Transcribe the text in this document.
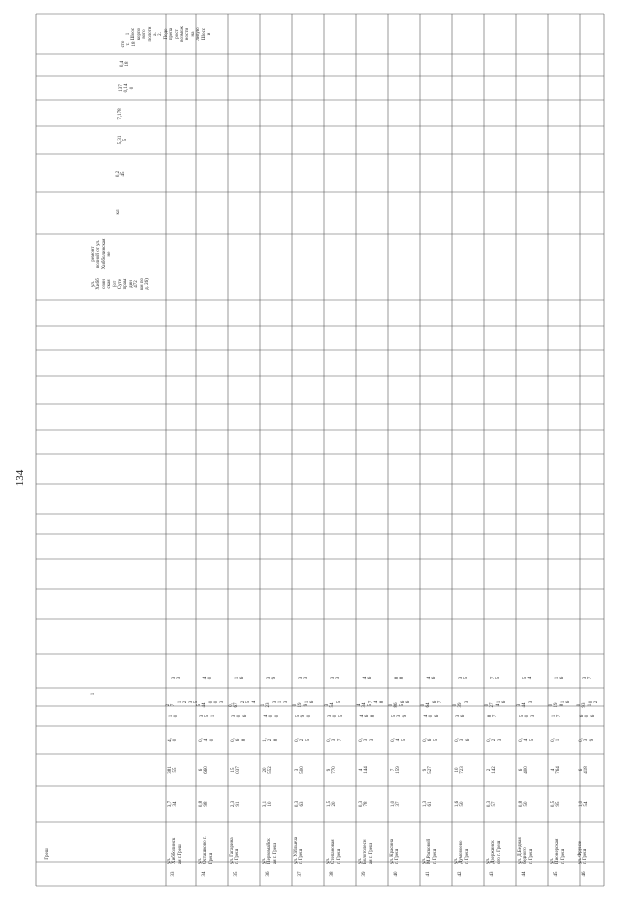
134
1
Греш
ул.
Хибб
озин
ская
(от
Суте
праы
дин
472
км по
д. 26)
ремонт
волной от ул.
Хибболинская
не
кл
0,2
45
5,31
5
7,178
137
0,14
0
0,4
18
сто
т.
18
1
Шоос
корпо
вого
полотн
а.
2.
Подо
препа
рост
возмож
ности
на
левую
Шосс
и
33
ул.
Хибболинск
ая г.Греш
3,7
34
381
55
4,
0
1
0
2
7
1
2
3
5
3
3
34
ул.
Осташково г.
Греш
0,8
98
6
660
0,
4
0
3
5
1
5
44
0
0
3
4
0
35
ул. Гагарина
г. Греш
2,3
91
15
037
0,
6
8
3
0
6
0,
67
2
5
4
1
6
36
ул.
Первомайск
ая г. Греш
3,1
10
20
552
1,
2
8
4
0
0
1
23
3
1
3
3
9
37
ул. У.Ильича
г. Греш
0,3
63
3
500
0,
2
5
5
9
0
0
19
9
1
6
3
3
38
ул.
Степановая
г. Греш
1,5
20
9
770
0,
3
7
3
0
5
3
54
5
3
3
39
ул.
Болотолесн
ая г. Греш
0,3
78
4
144
0,
3
3
4
6
8
4
34
5
7
4
8
4
6
40
ул. Красина
г. Греш
1,0
37
7
159
0,
4
5
5
3
9
0
86
5
6
6
8
8
41
ул.
М.Расковой
г. Греш
1,3
61
9
527
0,
6
5
4
0
6
0
64
6
7
4
6
42
ул.
Думовоево
г. Греш
1,6
50
10
723
0,
3
6
3
6
0
39
3
3
5
43
ул.
Дзержинск
ого г. Греш
0,3
57
2
142
0,
2
3
8
7
0
27
4
1
6
7
5
44
ул. Д.Бедная
бедного
г. Греш
0,8
50
6
400
0,
4
5
5
0
3
3
44
3
5
4
45
ул.
Пионерская
г. Греш
0,5
95
4
764
0,
1
1
7
0
19
8
1
6
1
6
46
ул. Фрунзе
г. Греш
1,0
54
6
418
0,
3
9
6
0
6
0
93
1
0
2
3
7
